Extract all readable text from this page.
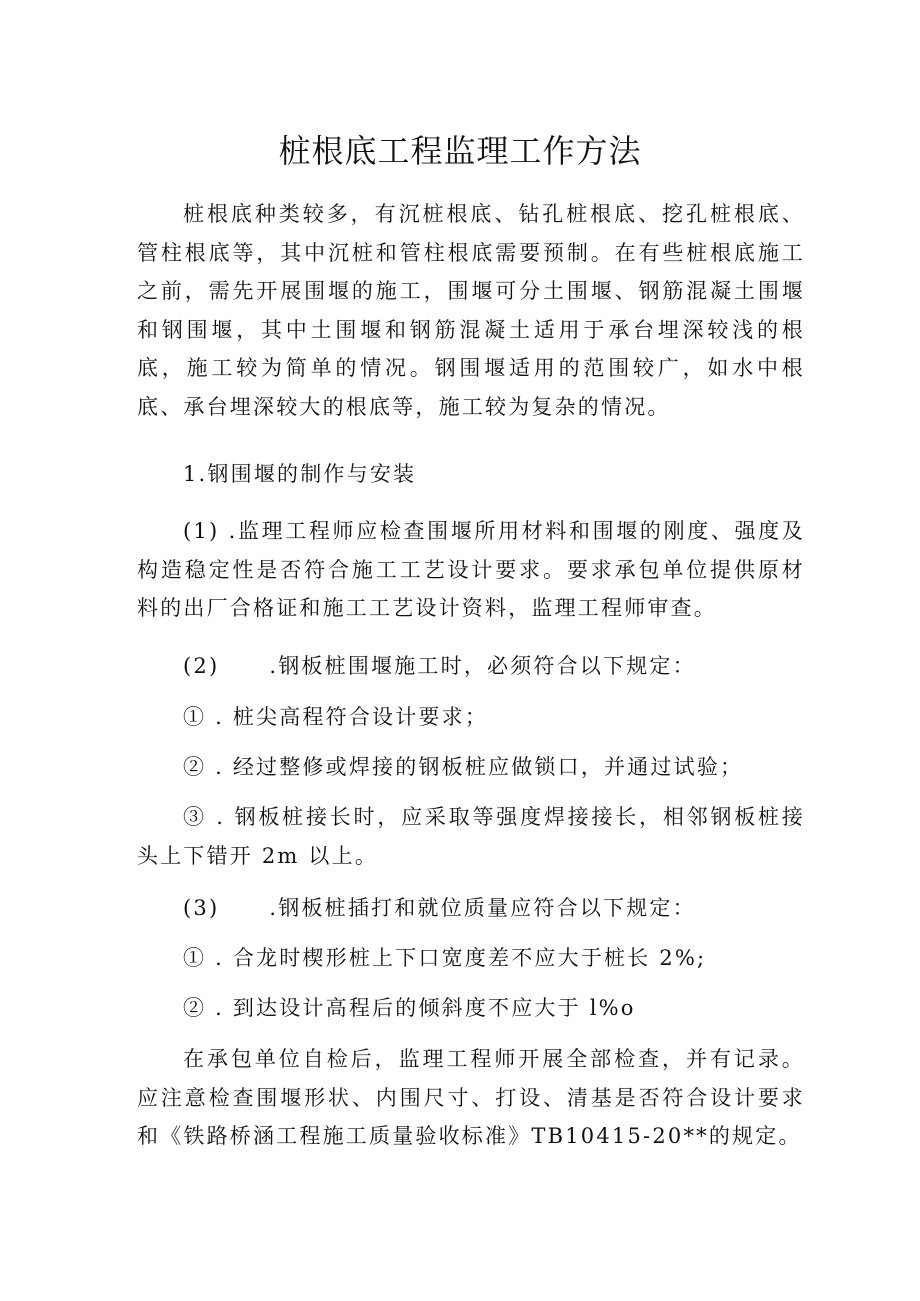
桩根底工程监理工作方法

桩根底种类较多，有沉桩根底、钻孔桩根底、挖孔桩根底、管柱根底等，其中沉桩和管柱根底需要预制。在有些桩根底施工之前，需先开展围堰的施工，围堰可分土围堰、钢筋混凝土围堰和钢围堰，其中土围堰和钢筋混凝土适用于承台埋深较浅的根底，施工较为简单的情况。钢围堰适用的范围较广，如水中根底、承台埋深较大的根底等，施工较为复杂的情况。

1.钢围堰的制作与安装

(1) .监理工程师应检查围堰所用材料和围堰的刚度、强度及构造稳定性是否符合施工工艺设计要求。要求承包单位提供原材料的出厂合格证和施工工艺设计资料，监理工程师审查。

(2) .钢板桩围堰施工时，必须符合以下规定：
① . 桩尖高程符合设计要求；
② . 经过整修或焊接的钢板桩应做锁口，并通过试验；

③ . 钢板桩接长时，应采取等强度焊接接长，相邻钢板桩接头上下错开 2m 以上。

(3) .钢板桩插打和就位质量应符合以下规定：
① . 合龙时楔形桩上下口宽度差不应大于桩长 2%;
② . 到达设计高程后的倾斜度不应大于 l%o

在承包单位自检后，监理工程师开展全部检查，并有记录。应注意检查围堰形状、内围尺寸、打设、清基是否符合设计要求和《铁路桥涵工程施工质量验收标准》TB10415-20**的规定。
